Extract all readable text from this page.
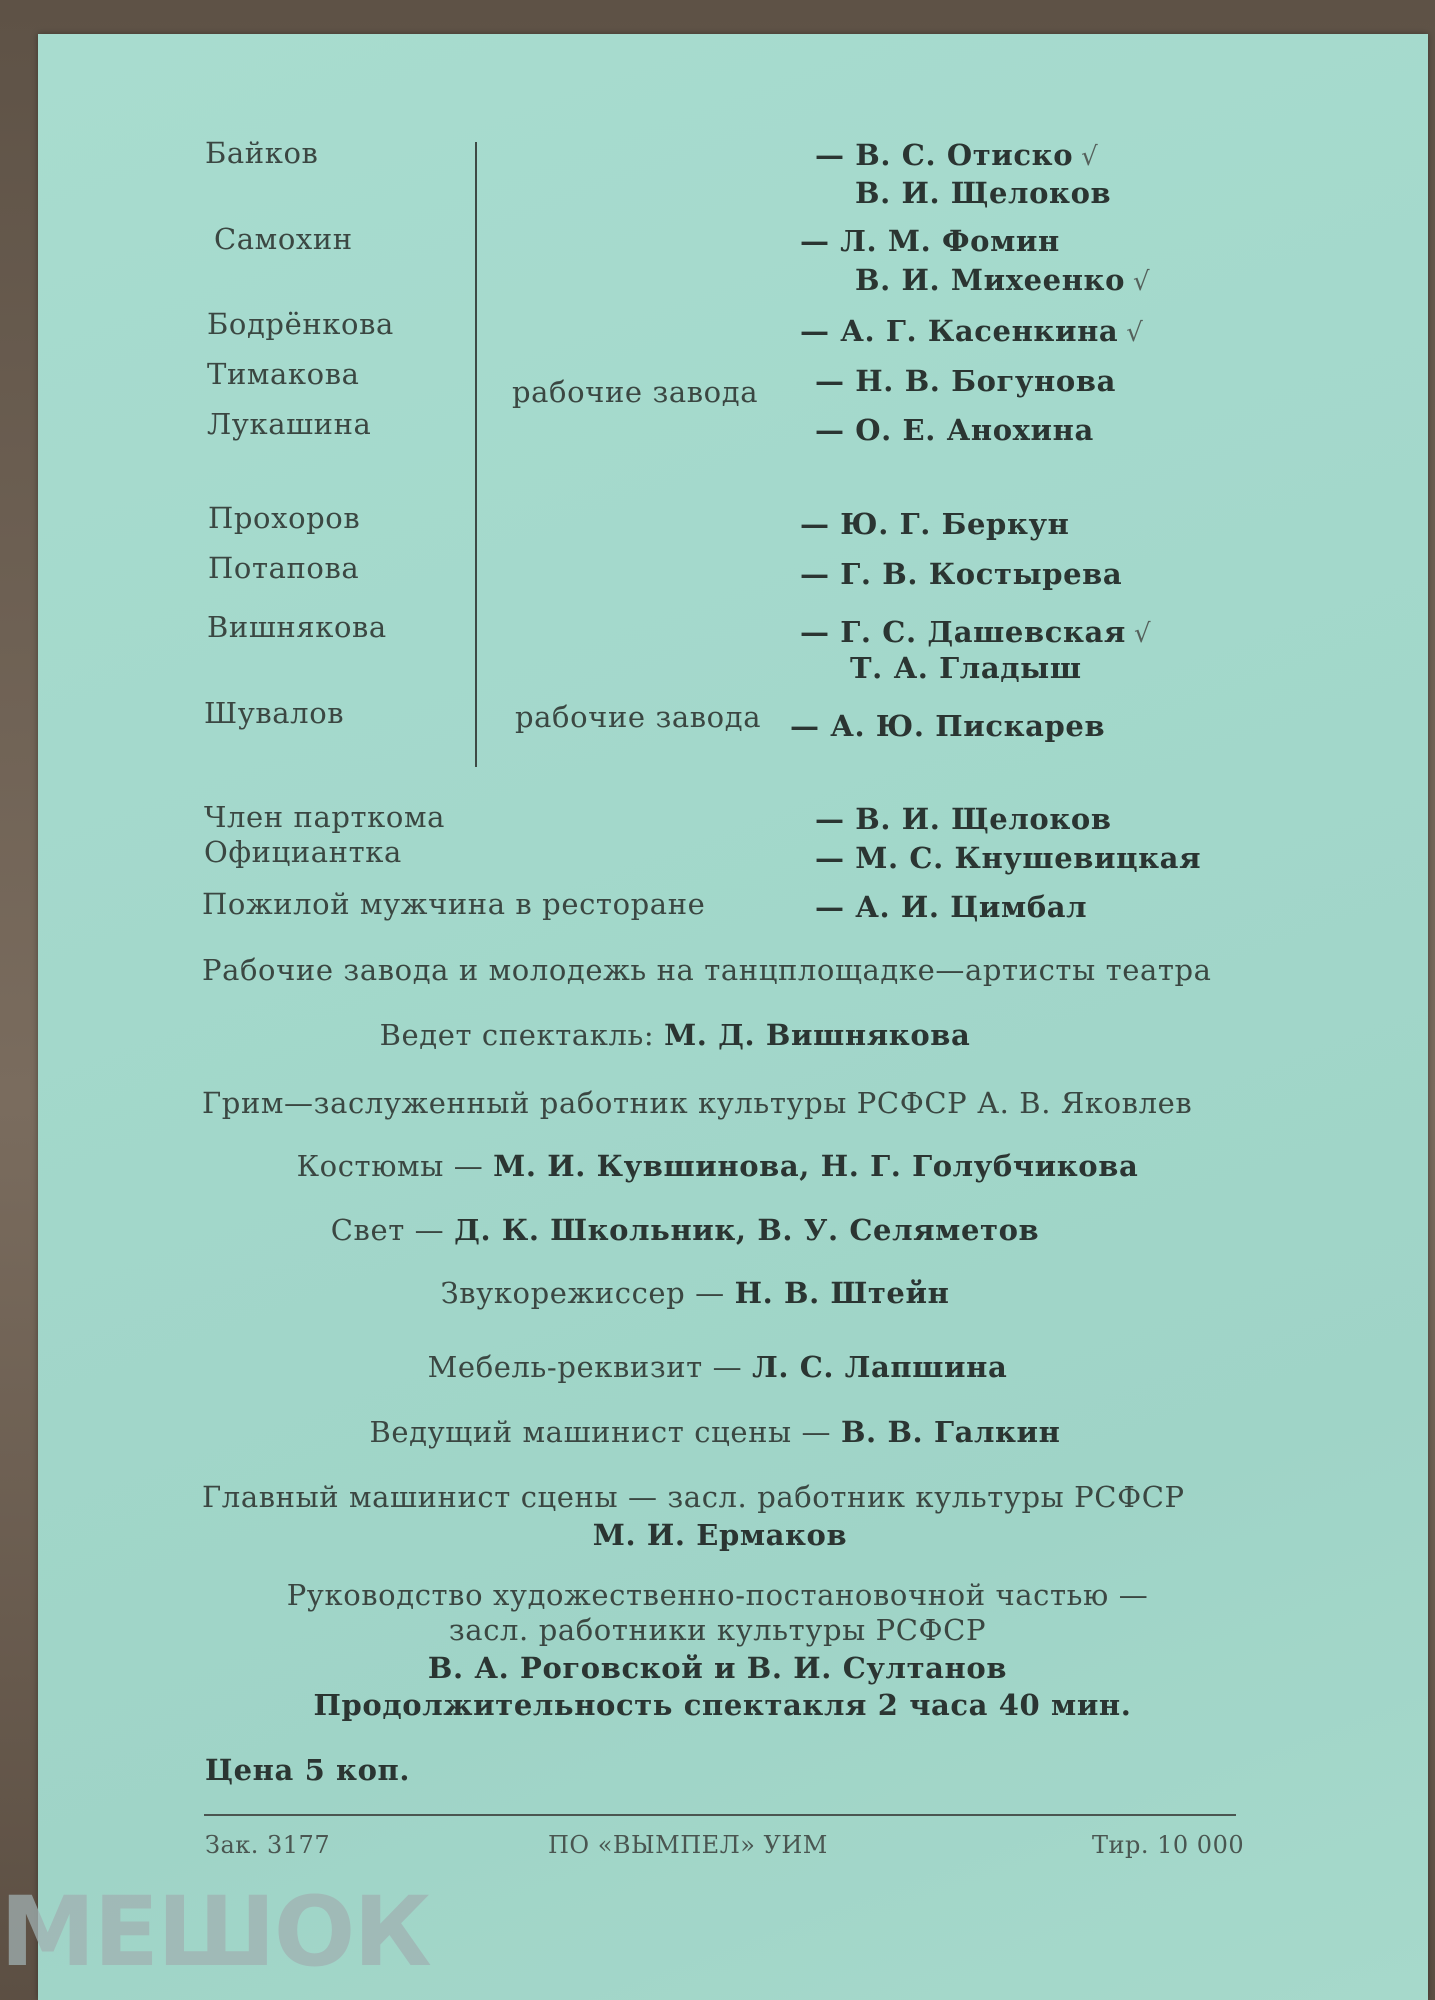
Байков
Самохин
Бодрёнкова
Тимакова
Лукашина
Прохоров
Потапова
Вишнякова
Шувалов
Член парткома
Официантка
Пожилой мужчина в ресторане
рабочие завода
рабочие завода
— В. С. Отиско √
В. И. Щелоков
— Л. М. Фомин
В. И. Михеенко √
— А. Г. Касенкина √
— Н. В. Богунова
— О. Е. Анохина
— Ю. Г. Беркун
— Г. В. Костырева
— Г. С. Дашевская √
Т. А. Гладыш
— А. Ю. Пискарев
— В. И. Щелоков
— М. С. Кнушевицкая
— А. И. Цимбал
Рабочие завода и молодежь на танцплощадке—артисты театра
Ведет спектакль: М. Д. Вишнякова
Грим—заслуженный работник культуры РСФСР А. В. Яковлев
Костюмы — М. И. Кувшинова, Н. Г. Голубчикова
Свет — Д. К. Школьник, В. У. Селяметов
Звукорежиссер — Н. В. Штейн
Мебель-реквизит — Л. С. Лапшина
Ведущий машинист сцены — В. В. Галкин
Главный машинист сцены — засл. работник культуры РСФСР
М. И. Ермаков
Руководство художественно-постановочной частью —
засл. работники культуры РСФСР
В. А. Роговской и В. И. Султанов
Продолжительность спектакля 2 часа 40 мин.
Цена 5 коп.
Зак. 3177	ПО «ВЫМПЕЛ» УИМ	Тир. 10 000
МЕШОК
